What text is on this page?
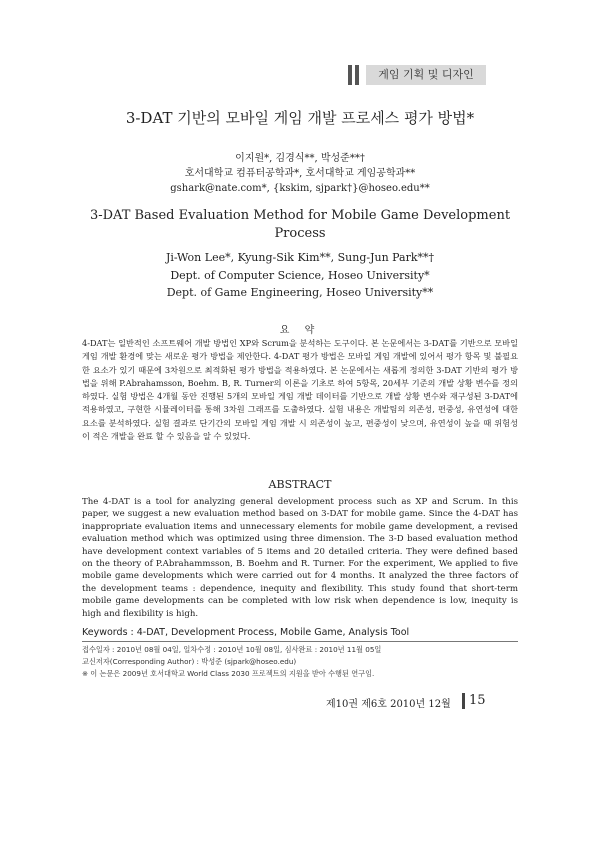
게임 기획 및 디자인
3-DAT 기반의 모바일 게임 개발 프로세스 평가 방법*
이지원*, 김경식**, 박성준**†
호서대학교 컴퓨터공학과*, 호서대학교 게임공학과**
gshark@nate.com*, {kskim, sjpark†}@hoseo.edu**
3-DAT Based Evaluation Method for Mobile Game Development Process
Ji-Won Lee*, Kyung-Sik Kim**, Sung-Jun Park**†
Dept. of Computer Science, Hoseo University*
Dept. of Game Engineering, Hoseo University**
요 약
4-DAT는 일반적인 소프트웨어 개발 방법인 XP와 Scrum을 분석하는 도구이다. 본 논문에서는 3-DAT를 기반으로 모바일 게임 개발 환경에 맞는 새로운 평가 방법을 제안한다. 4-DAT 평가 방법은 모바일 게임 개발에 있어서 평가 항목 및 불필요한 요소가 있기 때문에 3차원으로 최적화된 평가 방법을 적용하였다. 본 논문에서는 새롭게 정의한 3-DAT 기반의 평가 방법을 위해 P.Abrahamsson, Boehm. B, R. Turner의 이론을 기초로 하여 5항목, 20세부 기준의 개발 상황 변수를 정의하였다. 실험 방법은 4개월 동안 진행된 5개의 모바일 게임 개발 데이터를 기반으로 개발 상황 변수와 재구성된 3-DAT에 적용하였고, 구현한 시뮬레이터를 통해 3차원 그래프를 도출하였다. 실험 내용은 개발팀의 의존성, 편중성, 유연성에 대한 요소를 분석하였다. 실험 결과로 단기간의 모바일 게임 개발 시 의존성이 높고, 편중성이 낮으며, 유연성이 높을 때 위험성이 적은 개발을 완료 할 수 있음을 알 수 있었다.
ABSTRACT
The 4-DAT is a tool for analyzing general development process such as XP and Scrum. In this paper, we suggest a new evaluation method based on 3-DAT for mobile game. Since the 4-DAT has inappropriate evaluation items and unnecessary elements for mobile game development, a revised evaluation method which was optimized using three dimension. The 3-D based evaluation method have development context variables of 5 items and 20 detailed criteria. They were defined based on the theory of P.Abrahammsson, B. Boehm and R. Turner. For the experiment, We applied to five mobile game developments which were carried out for 4 months. It analyzed the three factors of the development teams : dependence, inequity and flexibility. This study found that short-term mobile game developments can be completed with low risk when dependence is low, inequity is high and flexibility is high.
Keywords : 4-DAT, Development Process, Mobile Game, Analysis Tool
접수일자 : 2010년 08월 04일, 일차수정 : 2010년 10월 08일, 심사완료 : 2010년 11월 05일
교신저자(Corresponding Author) : 박성준 (sjpark@hoseo.edu)
※ 이 논문은 2009년 호서대학교 World Class 2030 프로젝트의 지원을 받아 수행된 연구임.
제10권 제6호 2010년 12월 15
